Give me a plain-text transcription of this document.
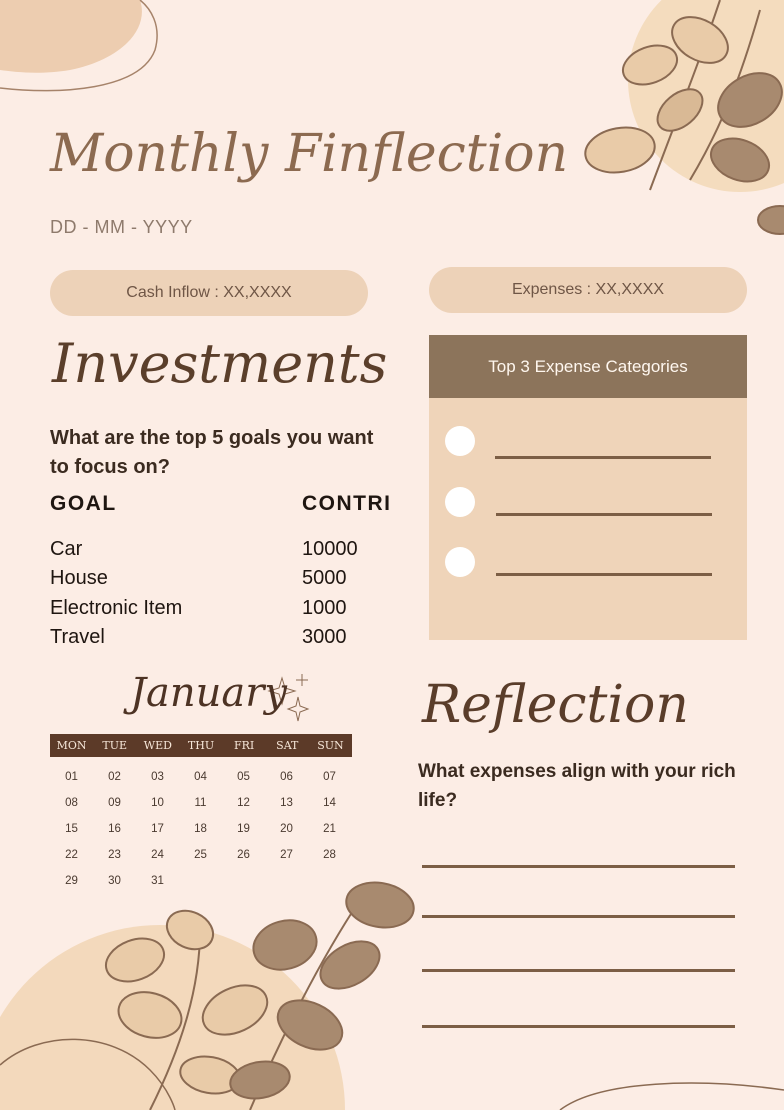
Monthly Finflection
DD - MM - YYYY
Cash Inflow : XX,XXXX	Expenses : XX,XXXX
Investments
What are the top 5 goals you want to focus on?
GOAL	CONTRI
Car	10000
House	5000
Electronic Item	1000
Travel	3000
Top 3 Expense Categories
January
MON	TUE	WED	THU	FRI	SAT	SUN
01	02	03	04	05	06	07
08	09	10	11	12	13	14
15	16	17	18	19	20	21
22	23	24	25	26	27	28
29	30	31
Reflection
What expenses align with your rich life?
